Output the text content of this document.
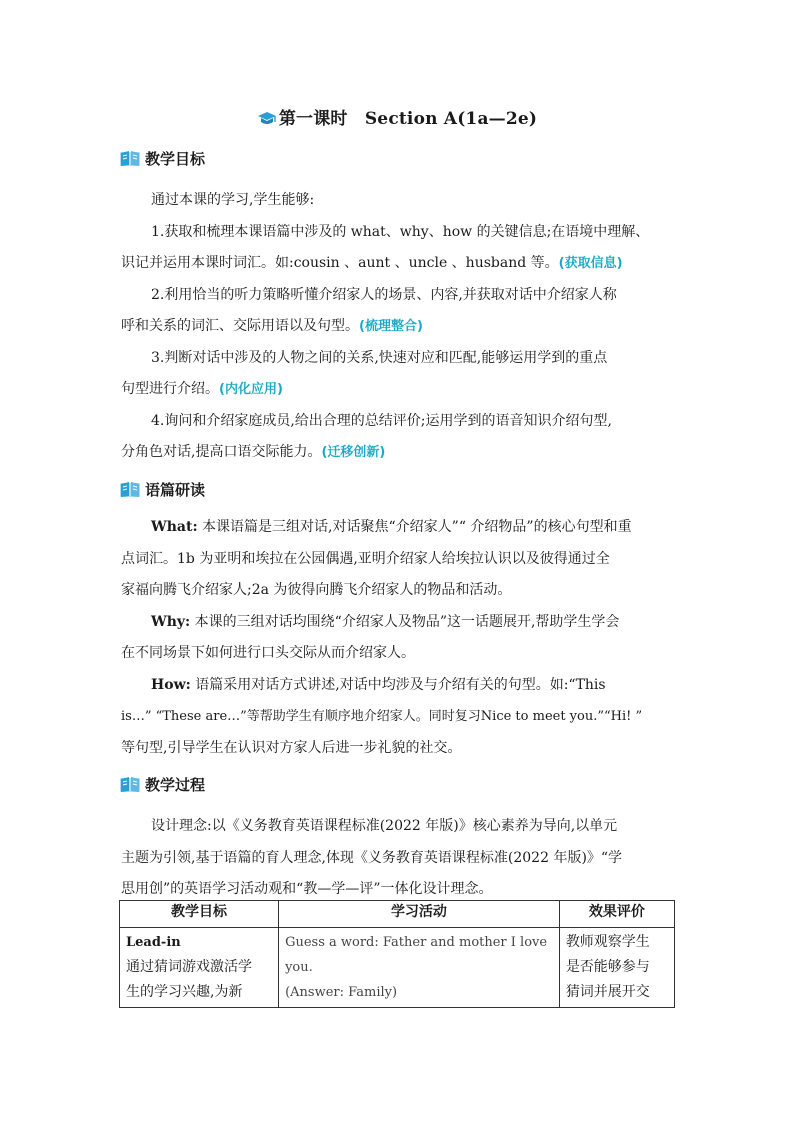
第一课时　Section A(1a—2e)
教学目标
通过本课的学习,学生能够:
1.获取和梳理本课语篇中涉及的 what、why、how 的关键信息;在语境中理解、
识记并运用本课时词汇。如:cousin 、aunt 、uncle 、husband 等。(获取信息)
2.利用恰当的听力策略听懂介绍家人的场景、内容,并获取对话中介绍家人称
呼和关系的词汇、交际用语以及句型。(梳理整合)
3.判断对话中涉及的人物之间的关系,快速对应和匹配,能够运用学到的重点
句型进行介绍。(内化应用)
4.询问和介绍家庭成员,给出合理的总结评价;运用学到的语音知识介绍句型,
分角色对话,提高口语交际能力。(迁移创新)
语篇研读
What: 本课语篇是三组对话,对话聚焦“介绍家人”“ 介绍物品”的核心句型和重
点词汇。1b 为亚明和埃拉在公园偶遇,亚明介绍家人给埃拉认识以及彼得通过全
家福向腾飞介绍家人;2a 为彼得向腾飞介绍家人的物品和活动。
Why: 本课的三组对话均围绕“介绍家人及物品”这一话题展开,帮助学生学会
在不同场景下如何进行口头交际从而介绍家人。
How: 语篇采用对话方式讲述,对话中均涉及与介绍有关的句型。如:“This
is…” “These are…”等帮助学生有顺序地介绍家人。同时复习Nice to meet you.”“Hi! ”
等句型,引导学生在认识对方家人后进一步礼貌的社交。
教学过程
设计理念:以《义务教育英语课程标准(2022 年版)》核心素养为导向,以单元
主题为引领,基于语篇的育人理念,体现《义务教育英语课程标准(2022 年版)》“学
思用创”的英语学习活动观和“教—学—评”一体化设计理念。
教学目标	学习活动	效果评价

Lead-in
通过猜词游戏激活学
生的学习兴趣,为新	Guess a word: Father and mother I love
you.
(Answer: Family)	教师观察学生
是否能够参与
猜词并展开交
